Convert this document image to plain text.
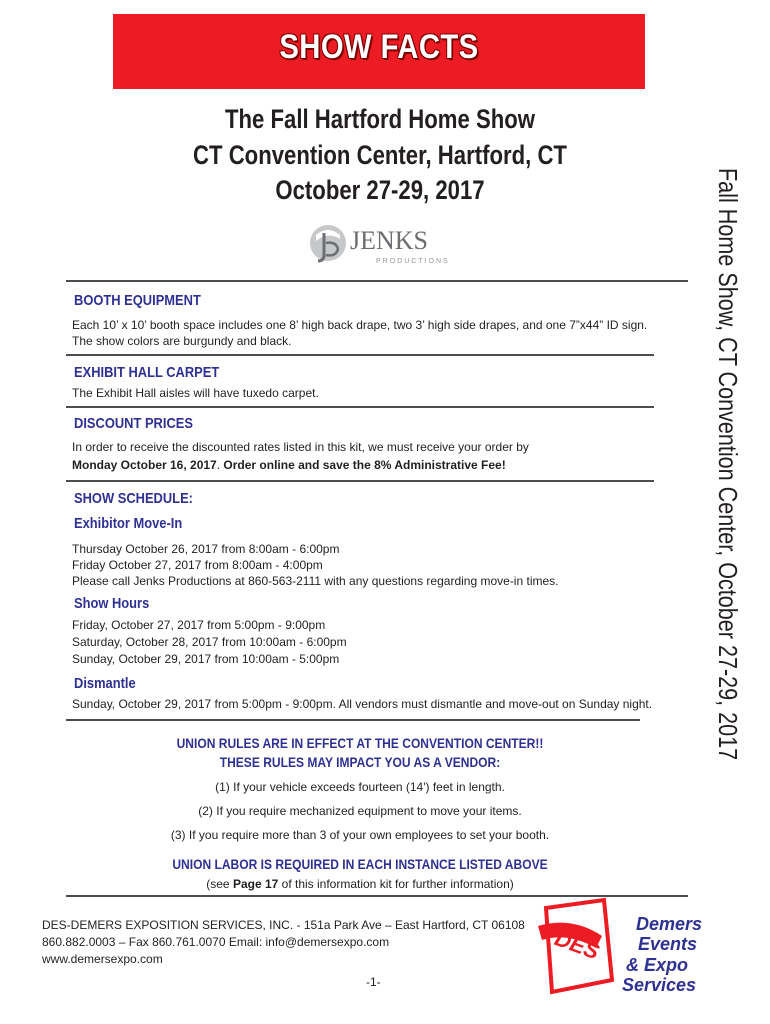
SHOW FACTS
The Fall Hartford Home Show
CT Convention Center, Hartford, CT
October 27-29, 2017
JENKS
PRODUCTIONS	Fall Home Show, CT Convention Center, October 27-29, 2017
BOOTH EQUIPMENT
Each 10’ x 10’ booth space includes one 8’ high back drape, two 3’ high side drapes, and one 7”x44” ID sign.
The show colors are burgundy and black.
EXHIBIT HALL CARPET
The Exhibit Hall aisles will have tuxedo carpet.
DISCOUNT PRICES
In order to receive the discounted rates listed in this kit, we must receive your order by
Monday October 16, 2017. Order online and save the 8% Administrative Fee!
SHOW SCHEDULE:
Exhibitor Move-In
Thursday October 26, 2017 from 8:00am - 6:00pm
Friday October 27, 2017 from 8:00am - 4:00pm
Please call Jenks Productions at 860-563-2111 with any questions regarding move-in times.
Show Hours
Friday, October 27, 2017 from 5:00pm - 9:00pm
Saturday, October 28, 2017 from 10:00am - 6:00pm
Sunday, October 29, 2017 from 10:00am - 5:00pm
Dismantle
Sunday, October 29, 2017 from 5:00pm - 9:00pm. All vendors must dismantle and move-out on Sunday night.
UNION RULES ARE IN EFFECT AT THE CONVENTION CENTER!!
THESE RULES MAY IMPACT YOU AS A VENDOR:
(1) If your vehicle exceeds fourteen (14') feet in length.
(2) If you require mechanized equipment to move your items.
(3) If you require more than 3 of your own employees to set your booth.
UNION LABOR IS REQUIRED IN EACH INSTANCE LISTED ABOVE
(see Page 17 of this information kit for further information)
DES-DEMERS EXPOSITION SERVICES, INC. - 151a Park Ave – East Hartford, CT 06108
860.882.0003 – Fax 860.761.0070 Email: info@demersexpo.com
www.demersexpo.com
-1-
DES
Demers
Events
& Expo
Services
